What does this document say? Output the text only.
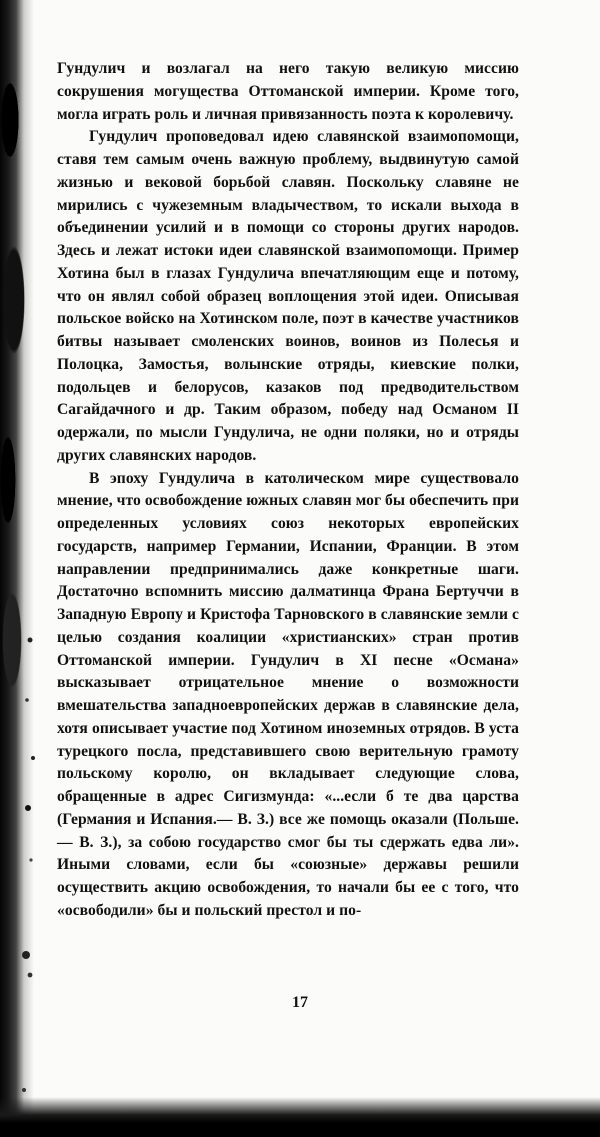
Гундулич и возлагал на него такую великую миссию сокрушения могущества Оттоманской империи. Кроме того, могла играть роль и личная привязанность поэта к королевичу.

Гундулич проповедовал идею славянской взаимопомощи, ставя тем самым очень важную проблему, выдвинутую самой жизнью и вековой борьбой славян. Поскольку славяне не мирились с чужеземным владычеством, то искали выхода в объединении усилий и в помощи со стороны других народов. Здесь и лежат истоки идеи славянской взаимопомощи. Пример Хотина был в глазах Гундулича впечатляющим еще и потому, что он являл собой образец воплощения этой идеи. Описывая польское войско на Хотинском поле, поэт в качестве участников битвы называет смоленских воинов, воинов из Полесья и Полоцка, Замостья, волынские отряды, киевские полки, подольцев и белорусов, казаков под предводительством Сагайдачного и др. Таким образом, победу над Османом II одержали, по мысли Гундулича, не одни поляки, но и отряды других славянских народов.

В эпоху Гундулича в католическом мире существовало мнение, что освобождение южных славян мог бы обеспечить при определенных условиях союз некоторых европейских государств, например Германии, Испании, Франции. В этом направлении предпринимались даже конкретные шаги. Достаточно вспомнить миссию далматинца Франа Бертуччи в Западную Европу и Кристофа Тарновского в славянские земли с целью создания коалиции «христианских» стран против Оттоманской империи. Гундулич в XI песне «Османа» высказывает отрицательное мнение о возможности вмешательства западноевропейских держав в славянские дела, хотя описывает участие под Хотином иноземных отрядов. В уста турецкого посла, представившего свою верительную грамоту польскому королю, он вкладывает следующие слова, обращенные в адрес Сигизмунда: «...если б те два царства (Германия и Испания.— В. З.) все же помощь оказали (Польше.— В. З.), за собою государство смог бы ты сдержать едва ли». Иными словами, если бы «союзные» державы решили осуществить акцию освобождения, то начали бы ее с того, что «освободили» бы и польский престол и по-

17
